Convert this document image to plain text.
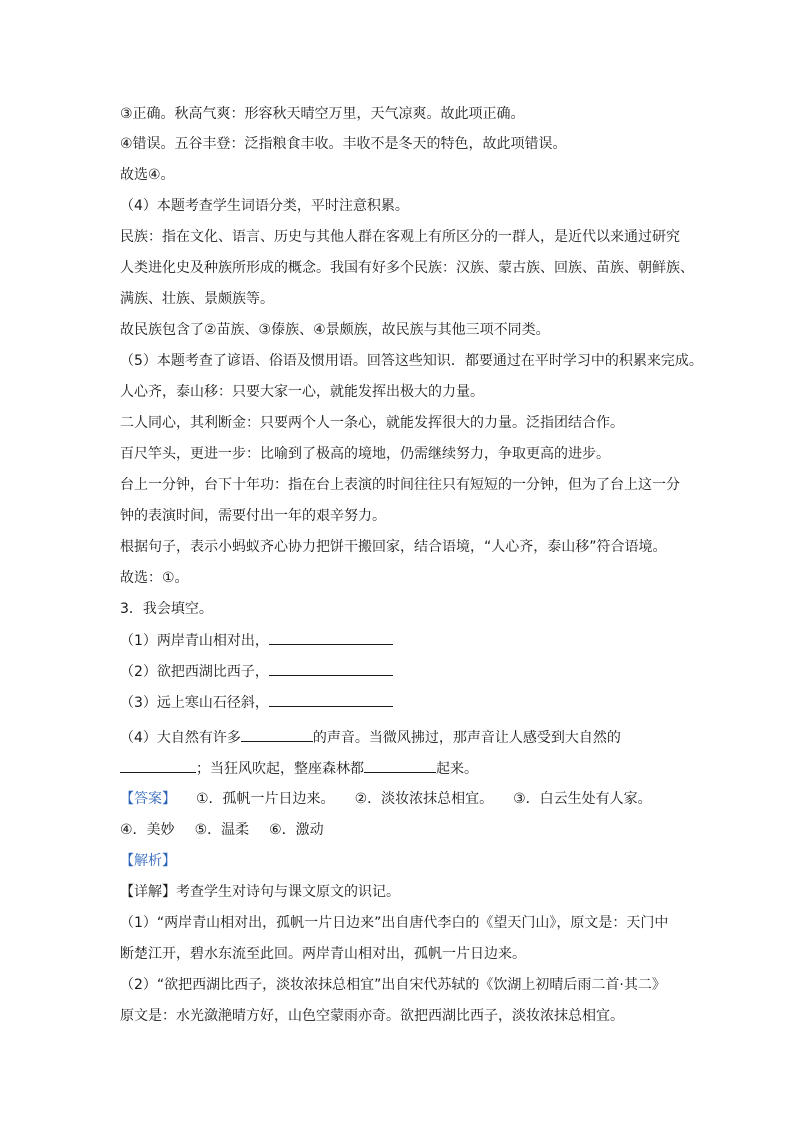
③正确。秋高气爽：形容秋天晴空万里，天气凉爽。故此项正确。
④错误。五谷丰登：泛指粮食丰收。丰收不是冬天的特色，故此项错误。
故选④。
（4）本题考查学生词语分类，平时注意积累。
民族：指在文化、语言、历史与其他人群在客观上有所区分的一群人，是近代以来通过研究
人类进化史及种族所形成的概念。我国有好多个民族：汉族、蒙古族、回族、苗族、朝鲜族、
满族、壮族、景颇族等。
故民族包含了②苗族、③傣族、④景颇族，故民族与其他三项不同类。
（5）本题考查了谚语、俗语及惯用语。回答这些知识．都要通过在平时学习中的积累来完成。
人心齐，泰山移：只要大家一心，就能发挥出极大的力量。
二人同心，其利断金：只要两个人一条心，就能发挥很大的力量。泛指团结合作。
百尺竿头，更进一步：比喻到了极高的境地，仍需继续努力，争取更高的进步。
台上一分钟，台下十年功：指在台上表演的时间往往只有短短的一分钟，但为了台上这一分
钟的表演时间，需要付出一年的艰辛努力。
根据句子，表示小蚂蚁齐心协力把饼干搬回家，结合语境，“人心齐，泰山移”符合语境。
故选：①。
3．我会填空。
（1）两岸青山相对出，
（2）欲把西湖比西子，
（3）远上寒山石径斜，
（4）大自然有许多	的声音。当微风拂过，那声音让人感受到大自然的
；当狂风吹起，整座森林都	起来。
【答案】 ①．孤帆一片日边来。 ②．淡妆浓抹总相宜。 ③．白云生处有人家。
④．美妙 ⑤．温柔 ⑥．激动
【解析】
【详解】考查学生对诗句与课文原文的识记。
（1）“两岸青山相对出，孤帆一片日边来”出自唐代李白的《望天门山》，原文是：天门中
断楚江开，碧水东流至此回。两岸青山相对出，孤帆一片日边来。
（2）“欲把西湖比西子，淡妆浓抹总相宜”出自宋代苏轼的《饮湖上初晴后雨二首·其二》
原文是：水光潋滟晴方好，山色空蒙雨亦奇。欲把西湖比西子，淡妆浓抹总相宜。
